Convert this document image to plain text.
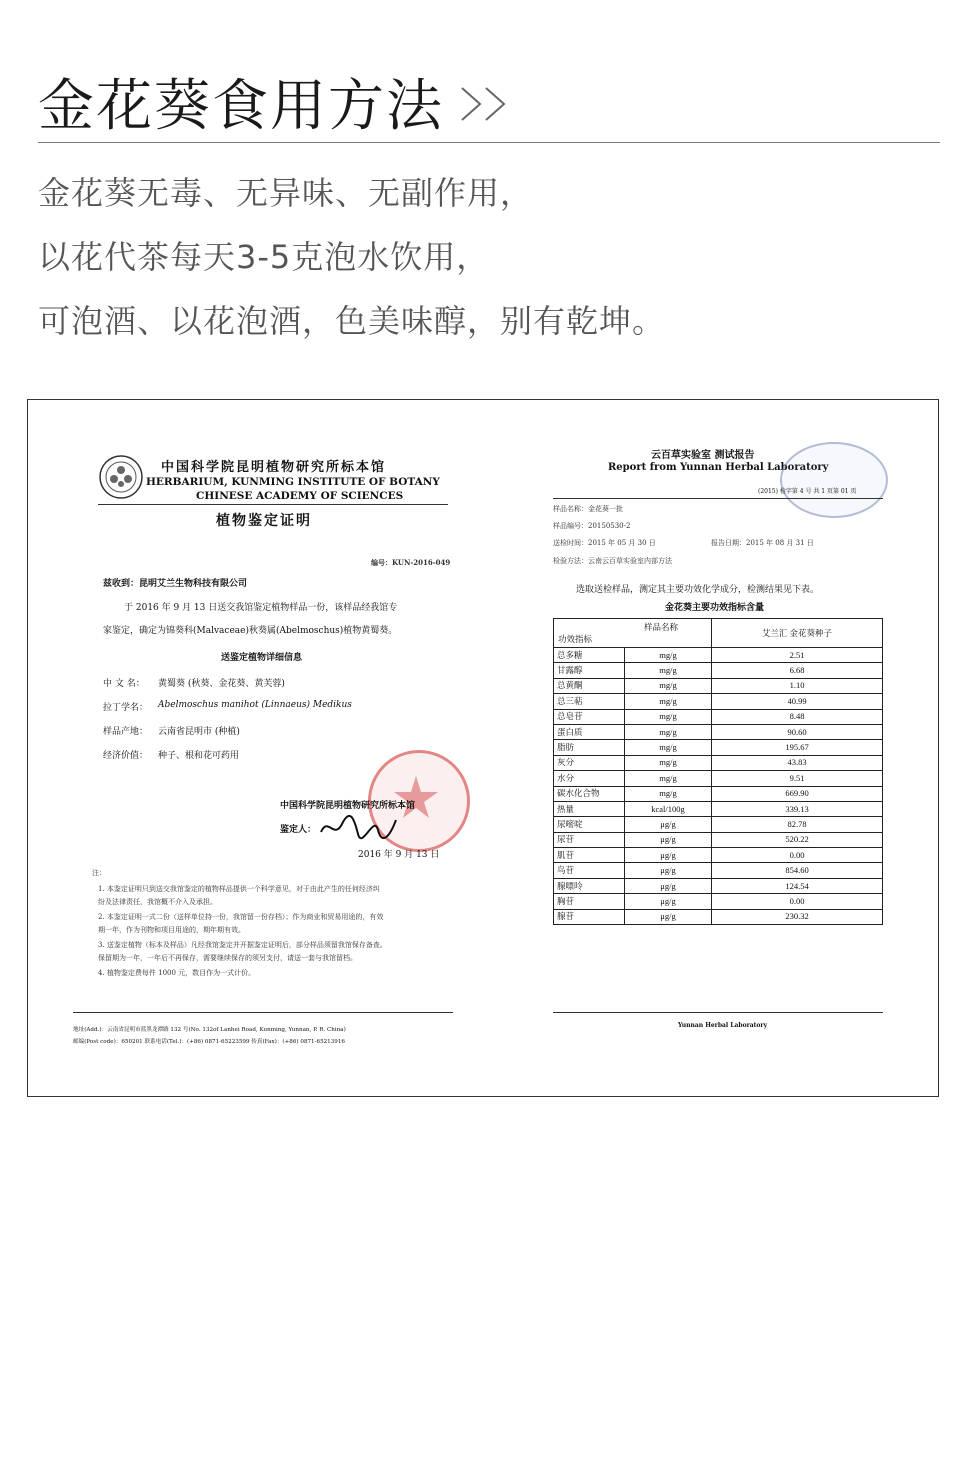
金花葵食用方法
金花葵无毒、无异味、无副作用，
以花代茶每天3-5克泡水饮用，
可泡酒、以花泡酒，色美味醇，别有乾坤。
中国科学院昆明植物研究所标本馆
HERBARIUM, KUNMING INSTITUTE OF BOTANY
CHINESE ACADEMY OF SCIENCES
植物鉴定证明
编号：KUN-2016-049
兹收到：昆明艾兰生物科技有限公司
于 2016 年 9 月 13 日送交我馆鉴定植物样品一份，该样品经我馆专
家鉴定，确定为锦葵科(Malvaceae)秋葵属(Abelmoschus)植物黄蜀葵。
送鉴定植物详细信息
中 文 名： 黄蜀葵 (秋葵、金花葵、黄芙蓉)
拉丁学名： Abelmoschus manihot (Linnaeus) Medikus
样品产地： 云南省昆明市 (种植)
经济价值： 种子、根和花可药用
中国科学院昆明植物研究所标本馆
鉴定人：
2016 年 9 月 13 日
注：
1. 本鉴定证明只到送交我馆鉴定的植物样品提供一个科学意见，对于由此产生的任何经济纠
纷及法律责任，我馆概不介入及承担。
2. 本鉴定证明一式二份（送样单位持一份，我馆留一份存档）；作为商业和贸易用途的，有效
期一年，作为刊物和项目用途的，期年期有效。
3. 送鉴定植物（标本及样品）凡经我馆鉴定并开据鉴定证明后，部分样品须留我馆保存备查。
保留期为一年，一年后不再保存，需要继续保存的须另支付，请送一套与我馆留档。
4. 植物鉴定费每件 1000 元，数目作为一式计价。
地址(Add.)：云南省昆明市蓝黑龙潭路 132 号(No. 132of Lanhei Road, Kunming, Yunnan, P. R. China)
邮编(Post code)：650201 联系电话(Tel.)：(+86) 0871-65223599 传真(Fax)：(+86) 0871-65213916
云百草实验室 测试报告
Report from Yunnan Herbal Laboratory
(2015) 检字第 4 号 共 1 页第 01 页
样品名称：金花葵一批
样品编号：20150530-2
送检时间：2015 年 05 月 30 日	报告日期：2015 年 08 月 31 日
检验方法：云南云百草实验室内部方法
选取送检样品，测定其主要功效化学成分，检测结果见下表。
金花葵主要功效指标含量
样品名称
功效指标		艾兰汇 金花葵种子
总多糖	mg/g	2.51
甘露醇	mg/g	6.68
总黄酮	mg/g	1.10
总三萜	mg/g	40.99
总皂苷	mg/g	8.48
蛋白质	mg/g	90.60
脂肪	mg/g	195.67
灰分	mg/g	43.83
水分	mg/g	9.51
碳水化合物	mg/g	669.90
热量	kcal/100g	339.13
尿嘧啶	μg/g	82.78
尿苷	μg/g	520.22
肌苷	μg/g	0.00
鸟苷	μg/g	854.60
腺嘌呤	μg/g	124.54
胸苷	μg/g	0.00
腺苷	μg/g	230.32
Yunnan Herbal Laboratory
